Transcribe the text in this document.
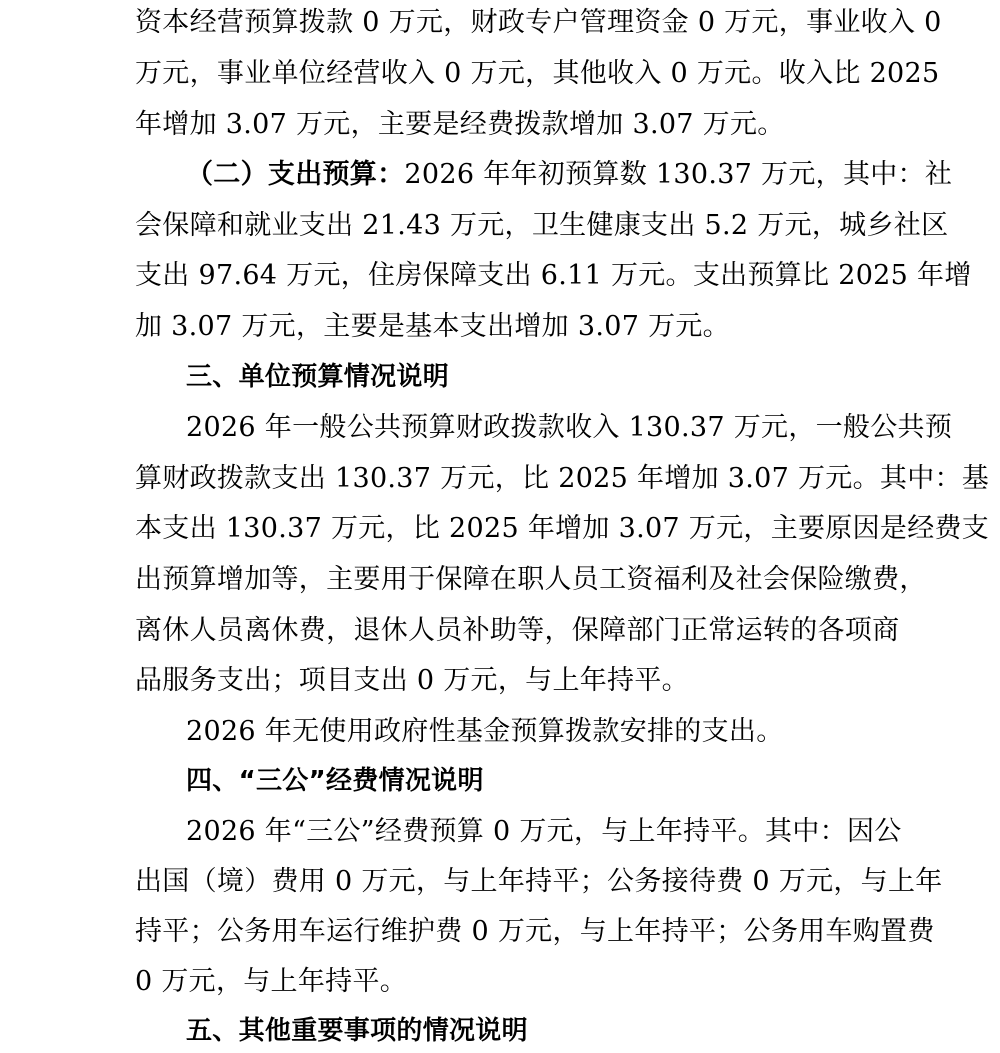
资本经营预算拨款 0 万元，财政专户管理资金 0 万元，事业收入 0
万元，事业单位经营收入 0 万元，其他收入 0 万元。收入比 2025
年增加 3.07 万元，主要是经费拨款增加 3.07 万元。
（二）支出预算：2026 年年初预算数 130.37 万元，其中：社
会保障和就业支出 21.43 万元，卫生健康支出 5.2 万元，城乡社区
支出 97.64 万元，住房保障支出 6.11 万元。支出预算比 2025 年增
加 3.07 万元，主要是基本支出增加 3.07 万元。
三、单位预算情况说明
2026 年一般公共预算财政拨款收入 130.37 万元，一般公共预
算财政拨款支出 130.37 万元，比 2025 年增加 3.07 万元。其中：基
本支出 130.37 万元，比 2025 年增加 3.07 万元，主要原因是经费支
出预算增加等，主要用于保障在职人员工资福利及社会保险缴费，
离休人员离休费，退休人员补助等，保障部门正常运转的各项商
品服务支出；项目支出 0 万元，与上年持平。
2026 年无使用政府性基金预算拨款安排的支出。
四、“三公”经费情况说明
2026 年“三公”经费预算 0 万元，与上年持平。其中：因公
出国（境）费用 0 万元，与上年持平；公务接待费 0 万元，与上年
持平；公务用车运行维护费 0 万元，与上年持平；公务用车购置费
0 万元，与上年持平。
五、其他重要事项的情况说明
